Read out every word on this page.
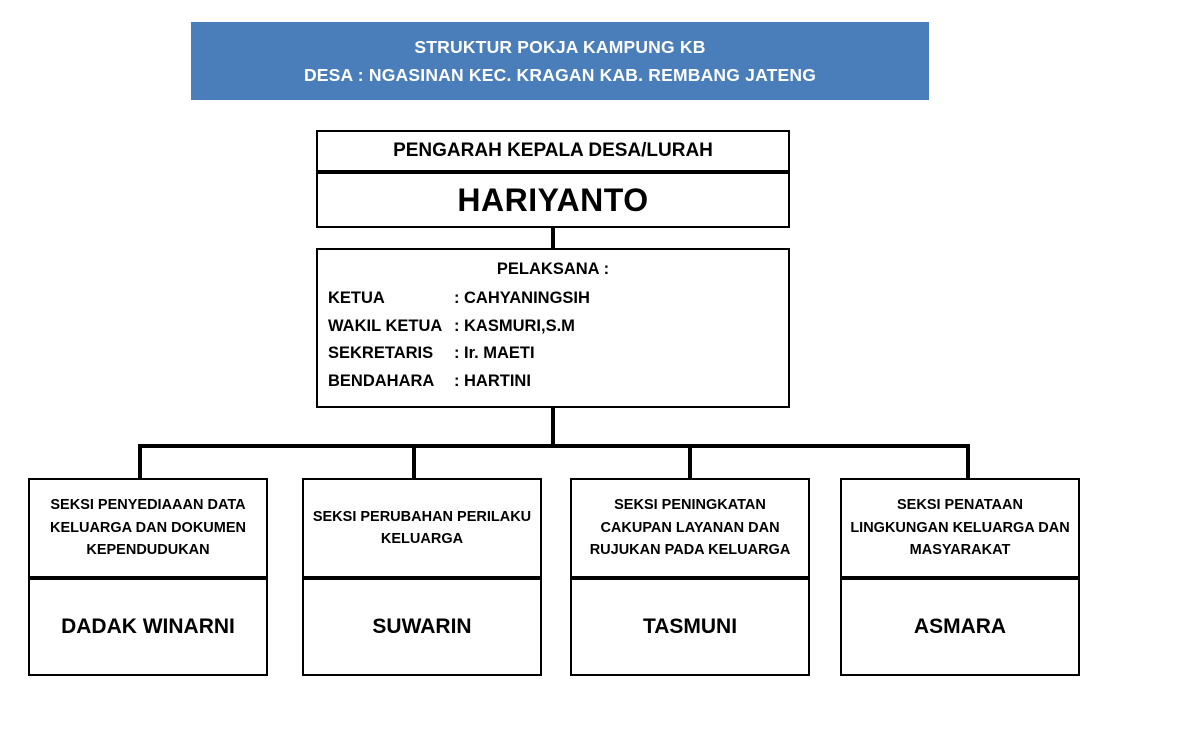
STRUKTUR POKJA KAMPUNG KB
DESA : NGASINAN KEC. KRAGAN KAB. REMBANG JATENG
PENGARAH KEPALA DESA/LURAH
HARIYANTO
PELAKSANA :
KETUA	: CAHYANINGSIH
WAKIL KETUA : KASMURI,S.M
SEKRETARIS	: Ir. MAETI
BENDAHARA	: HARTINI
SEKSI PENYEDIAAAN DATA KELUARGA DAN DOKUMEN KEPENDUDUKAN
DADAK WINARNI
SEKSI PERUBAHAN PERILAKU KELUARGA
SUWARIN
SEKSI PENINGKATAN CAKUPAN LAYANAN DAN RUJUKAN PADA KELUARGA
TASMUNI
SEKSI PENATAAN LINGKUNGAN KELUARGA DAN MASYARAKAT
ASMARA
